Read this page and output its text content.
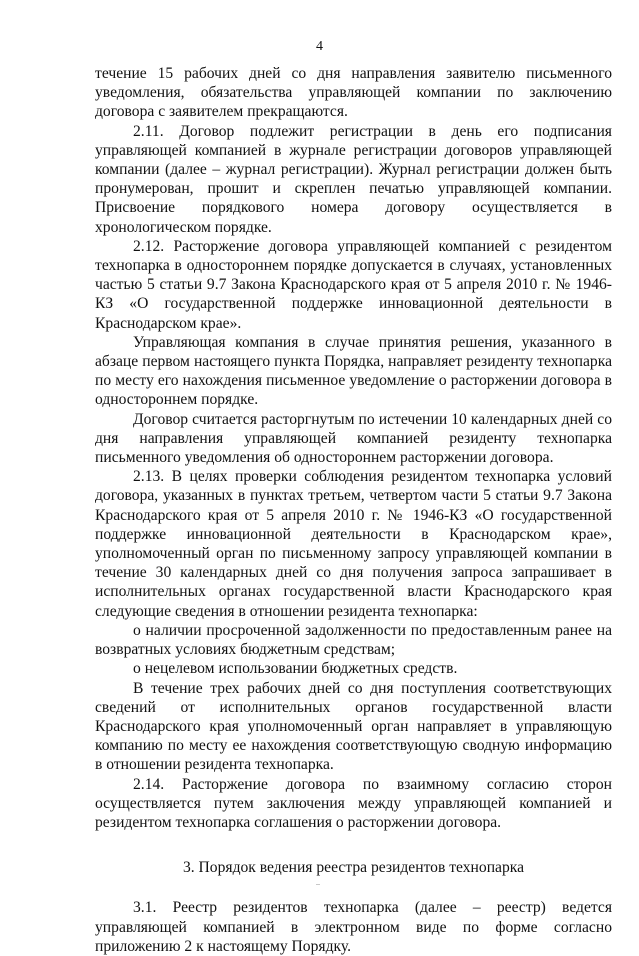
4

течение 15 рабочих дней со дня направления заявителю письменного уведомления, обязательства управляющей компании по заключению договора с заявителем прекращаются.

2.11. Договор подлежит регистрации в день его подписания управляющей компанией в журнале регистрации договоров управляющей компании (далее – журнал регистрации). Журнал регистрации должен быть пронумерован, прошит и скреплен печатью управляющей компании. Присвоение порядкового номера договору осуществляется в хронологическом порядке.

2.12. Расторжение договора управляющей компанией с резидентом технопарка в одностороннем порядке допускается в случаях, установленных частью 5 статьи 9.7 Закона Краснодарского края от 5 апреля 2010 г. № 1946-КЗ «О государственной поддержке инновационной деятельности в Краснодарском крае».

Управляющая компания в случае принятия решения, указанного в абзаце первом настоящего пункта Порядка, направляет резиденту технопарка по месту его нахождения письменное уведомление о расторжении договора в одностороннем порядке.

Договор считается расторгнутым по истечении 10 календарных дней со дня направления управляющей компанией резиденту технопарка письменного уведомления об одностороннем расторжении договора.

2.13. В целях проверки соблюдения резидентом технопарка условий договора, указанных в пунктах третьем, четвертом части 5 статьи 9.7 Закона Краснодарского края от 5 апреля 2010 г. № 1946-КЗ «О государственной поддержке инновационной деятельности в Краснодарском крае», уполномоченный орган по письменному запросу управляющей компании в течение 30 календарных дней со дня получения запроса запрашивает в исполнительных органах государственной власти Краснодарского края следующие сведения в отношении резидента технопарка:

о наличии просроченной задолженности по предоставленным ранее на возвратных условиях бюджетным средствам;

о нецелевом использовании бюджетных средств.

В течение трех рабочих дней со дня поступления соответствующих сведений от исполнительных органов государственной власти Краснодарского края уполномоченный орган направляет в управляющую компанию по месту ее нахождения соответствующую сводную информацию в отношении резидента технопарка.

2.14. Расторжение договора по взаимному согласию сторон осуществляется путем заключения между управляющей компанией и резидентом технопарка соглашения о расторжении договора.

3. Порядок ведения реестра резидентов технопарка

3.1. Реестр резидентов технопарка (далее – реестр) ведется управляющей компанией в электронном виде по форме согласно приложению 2 к настоящему Порядку.
